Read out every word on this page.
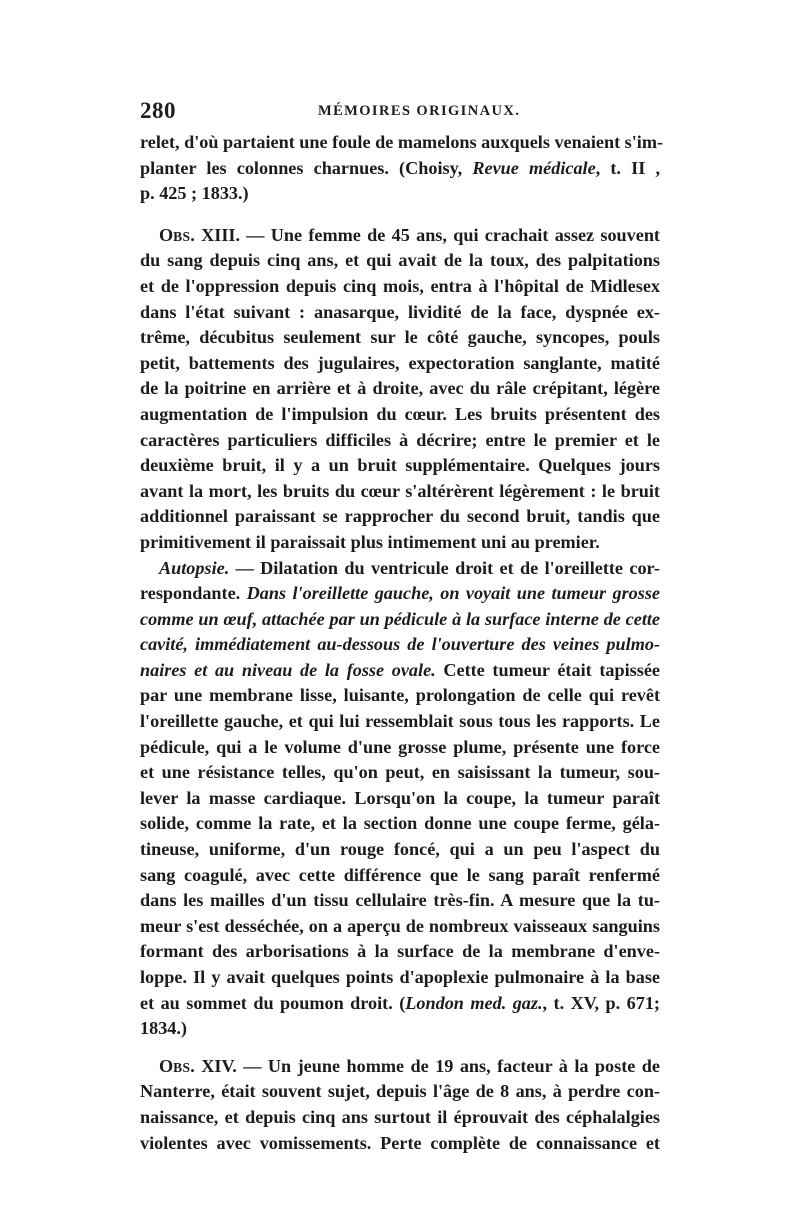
280	MÉMOIRES ORIGINAUX.
relet, d'où partaient une foule de mamelons auxquels venaient s'im-
planter les colonnes charnues. (Choisy, Revue médicale, t. II ,
p. 425 ; 1833.)
OBS. XIII. — Une femme de 45 ans, qui crachait assez souvent
du sang depuis cinq ans, et qui avait de la toux, des palpitations
et de l'oppression depuis cinq mois, entra à l'hôpital de Midlesex
dans l'état suivant : anasarque, lividité de la face, dyspnée ex-
trême, décubitus seulement sur le côté gauche, syncopes, pouls
petit, battements des jugulaires, expectoration sanglante, matité
de la poitrine en arrière et à droite, avec du râle crépitant, légère
augmentation de l'impulsion du cœur. Les bruits présentent des
caractères particuliers difficiles à décrire; entre le premier et le
deuxième bruit, il y a un bruit supplémentaire. Quelques jours
avant la mort, les bruits du cœur s'altérèrent légèrement : le bruit
additionnel paraissant se rapprocher du second bruit, tandis que
primitivement il paraissait plus intimement uni au premier.
Autopsie. — Dilatation du ventricule droit et de l'oreillette cor-
respondante. Dans l'oreillette gauche, on voyait une tumeur grosse
comme un œuf, attachée par un pédicule à la surface interne de cette
cavité, immédiatement au-dessous de l'ouverture des veines pulmo-
naires et au niveau de la fosse ovale. Cette tumeur était tapissée
par une membrane lisse, luisante, prolongation de celle qui revêt
l'oreillette gauche, et qui lui ressemblait sous tous les rapports. Le
pédicule, qui a le volume d'une grosse plume, présente une force
et une résistance telles, qu'on peut, en saisissant la tumeur, sou-
lever la masse cardiaque. Lorsqu'on la coupe, la tumeur paraît
solide, comme la rate, et la section donne une coupe ferme, géla-
tineuse, uniforme, d'un rouge foncé, qui a un peu l'aspect du
sang coagulé, avec cette différence que le sang paraît renfermé
dans les mailles d'un tissu cellulaire très-fin. A mesure que la tu-
meur s'est desséchée, on a aperçu de nombreux vaisseaux sanguins
formant des arborisations à la surface de la membrane d'enve-
loppe. Il y avait quelques points d'apoplexie pulmonaire à la base
et au sommet du poumon droit. (London med. gaz., t. XV, p. 671;
1834.)
OBS. XIV. — Un jeune homme de 19 ans, facteur à la poste de
Nanterre, était souvent sujet, depuis l'âge de 8 ans, à perdre con-
naissance, et depuis cinq ans surtout il éprouvait des céphalalgies
violentes avec vomissements. Perte complète de connaissance et
